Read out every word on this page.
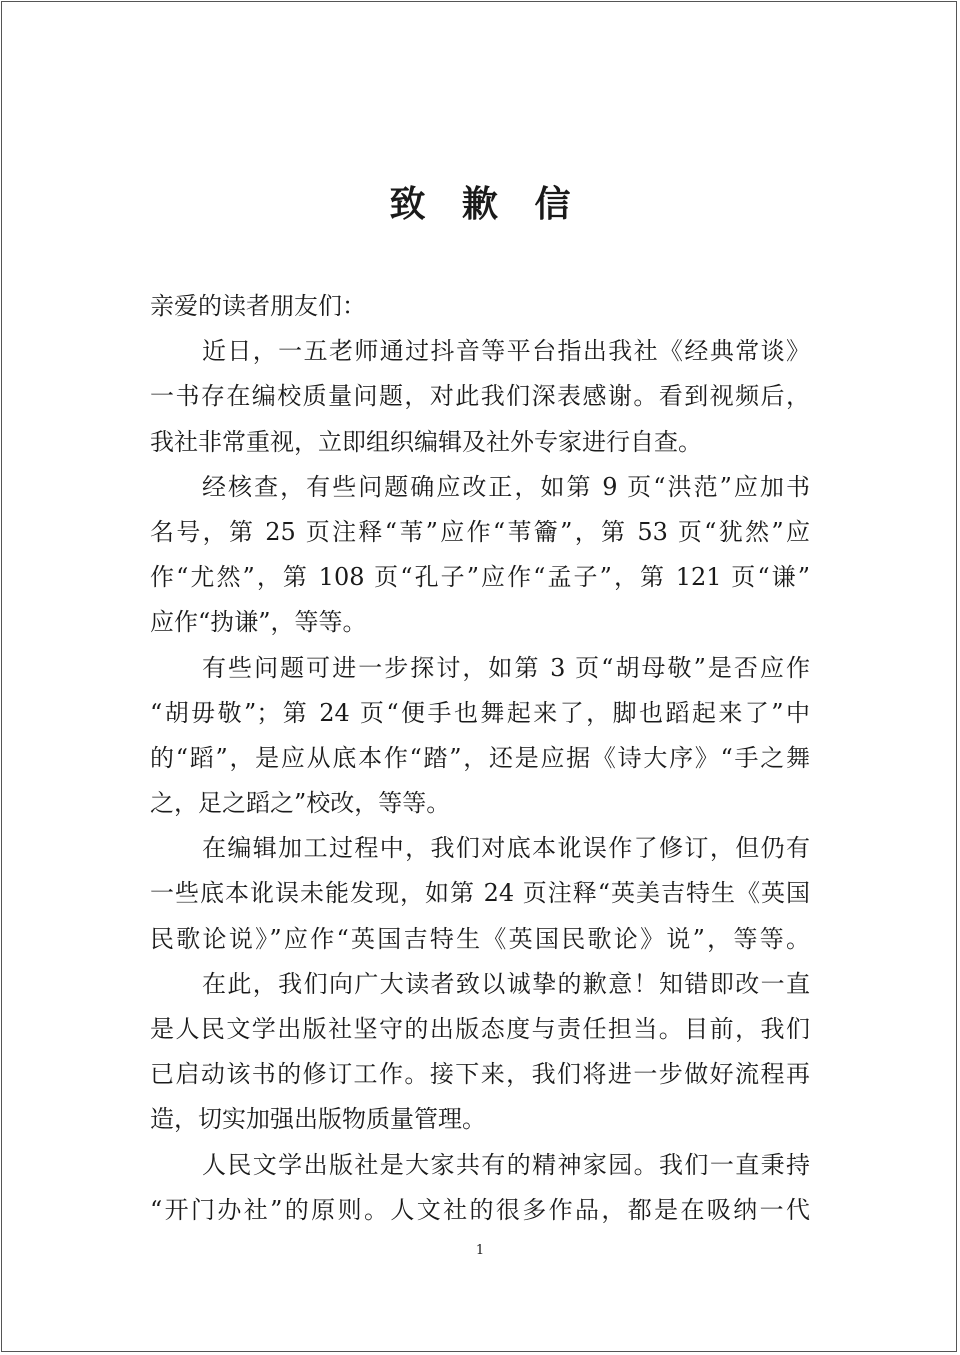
致 歉 信
亲爱的读者朋友们：
近日，一五老师通过抖音等平台指出我社《经典常谈》
一书存在编校质量问题，对此我们深表感谢。看到视频后，
我社非常重视，立即组织编辑及社外专家进行自查。
经核查，有些问题确应改正，如第 9 页“洪范”应加书
名号，第 25 页注释“苇”应作“苇籥”，第 53 页“犹然”应
作“尤然”，第 108 页“孔子”应作“孟子”，第 121 页“谦”
应作“㧑谦”，等等。
有些问题可进一步探讨，如第 3 页“胡母敬”是否应作
“胡毋敬”；第 24 页“便手也舞起来了，脚也蹈起来了”中
的“蹈”，是应从底本作“踏”，还是应据《诗大序》“手之舞
之，足之蹈之”校改，等等。
在编辑加工过程中，我们对底本讹误作了修订，但仍有
一些底本讹误未能发现，如第 24 页注释“英美吉特生《英国
民歌论说》”应作“英国吉特生《英国民歌论》说”，等等。
在此，我们向广大读者致以诚挚的歉意！知错即改一直
是人民文学出版社坚守的出版态度与责任担当。目前，我们
已启动该书的修订工作。接下来，我们将进一步做好流程再
造，切实加强出版物质量管理。
人民文学出版社是大家共有的精神家园。我们一直秉持
“开门办社”的原则。人文社的很多作品，都是在吸纳一代
1
